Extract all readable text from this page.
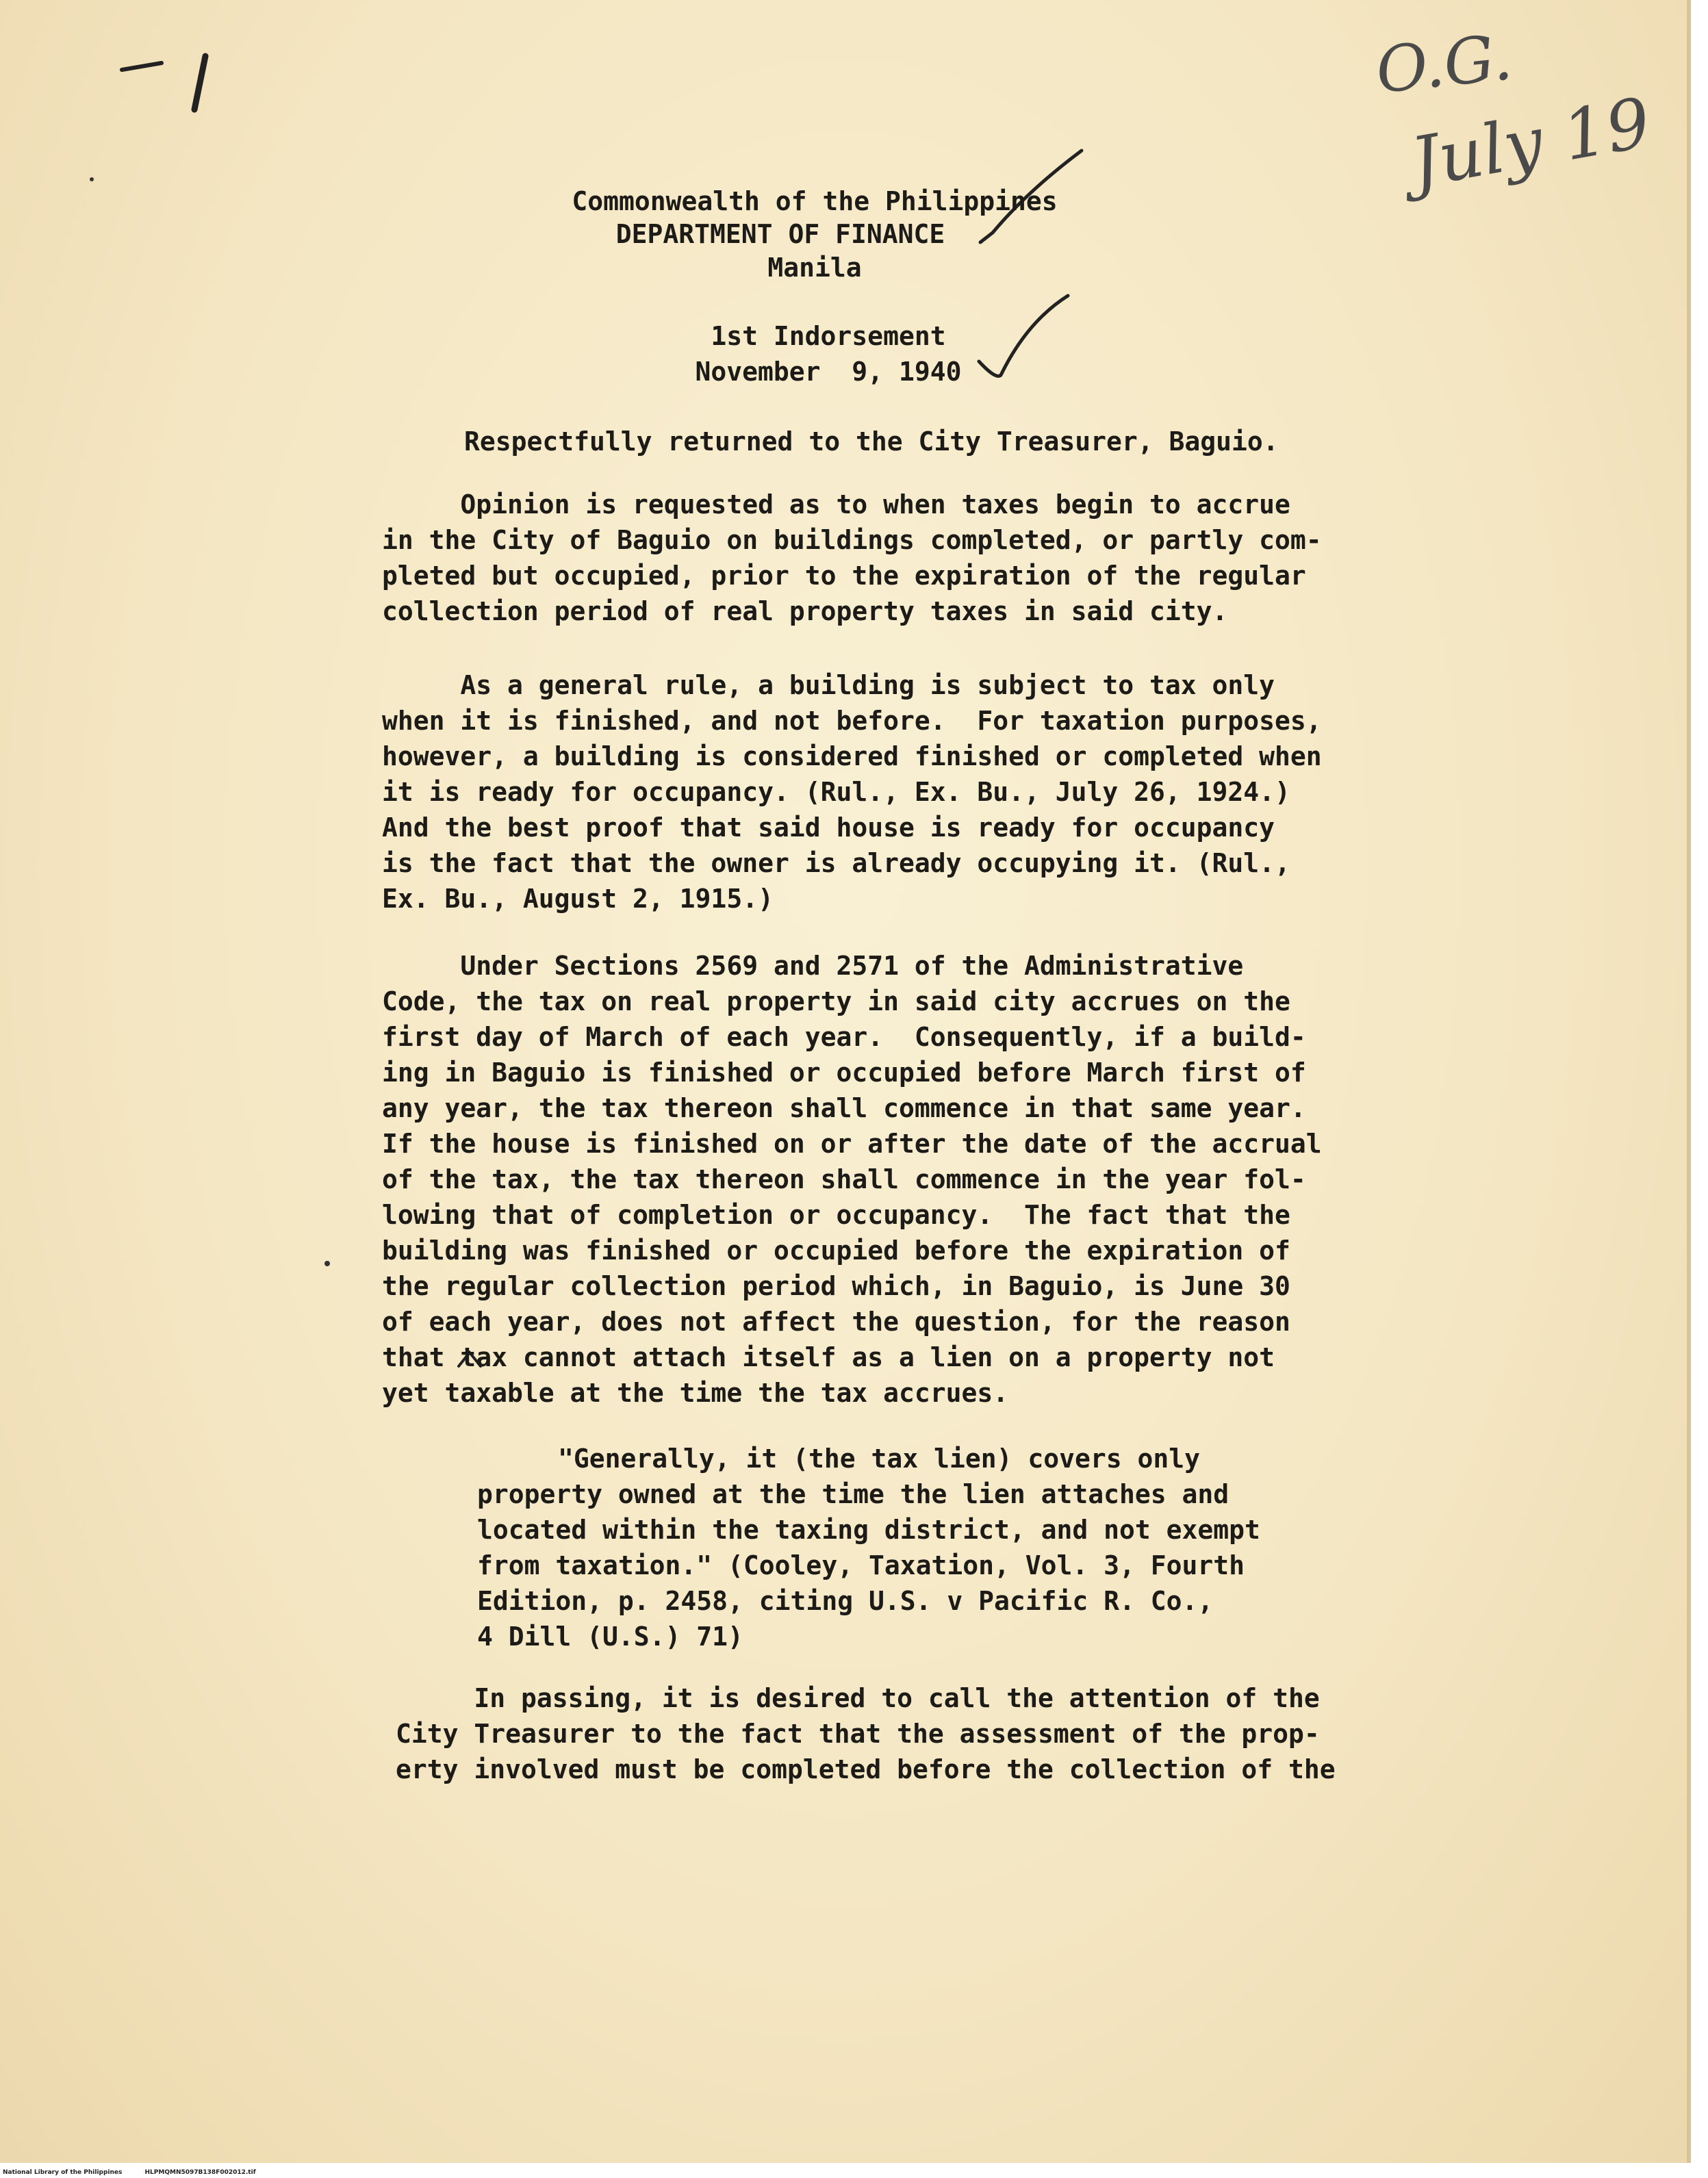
O.G.
July 19
Commonwealth of the Philippines
DEPARTMENT OF FINANCE
Manila
1st Indorsement
November  9, 1940
Respectfully returned to the City Treasurer, Baguio.
Opinion is requested as to when taxes begin to accrue
in the City of Baguio on buildings completed, or partly com-
pleted but occupied, prior to the expiration of the regular
collection period of real property taxes in said city.
As a general rule, a building is subject to tax only
when it is finished, and not before.  For taxation purposes,
however, a building is considered finished or completed when
it is ready for occupancy. (Rul., Ex. Bu., July 26, 1924.)
And the best proof that said house is ready for occupancy
is the fact that the owner is already occupying it. (Rul.,
Ex. Bu., August 2, 1915.)
Under Sections 2569 and 2571 of the Administrative
Code, the tax on real property in said city accrues on the
first day of March of each year.  Consequently, if a build-
ing in Baguio is finished or occupied before March first of
any year, the tax thereon shall commence in that same year.
If the house is finished on or after the date of the accrual
of the tax, the tax thereon shall commence in the year fol-
lowing that of completion or occupancy.  The fact that the
building was finished or occupied before the expiration of
the regular collection period which, in Baguio, is June 30
of each year, does not affect the question, for the reason
that tax cannot attach itself as a lien on a property not
yet taxable at the time the tax accrues.
"Generally, it (the tax lien) covers only
property owned at the time the lien attaches and
located within the taxing district, and not exempt
from taxation." (Cooley, Taxation, Vol. 3, Fourth
Edition, p. 2458, citing U.S. v Pacific R. Co.,
4 Dill (U.S.) 71)
In passing, it is desired to call the attention of the
City Treasurer to the fact that the assessment of the prop-
erty involved must be completed before the collection of the
National Library of the Philippines	HLPMQMN5097B138F002012.tif
